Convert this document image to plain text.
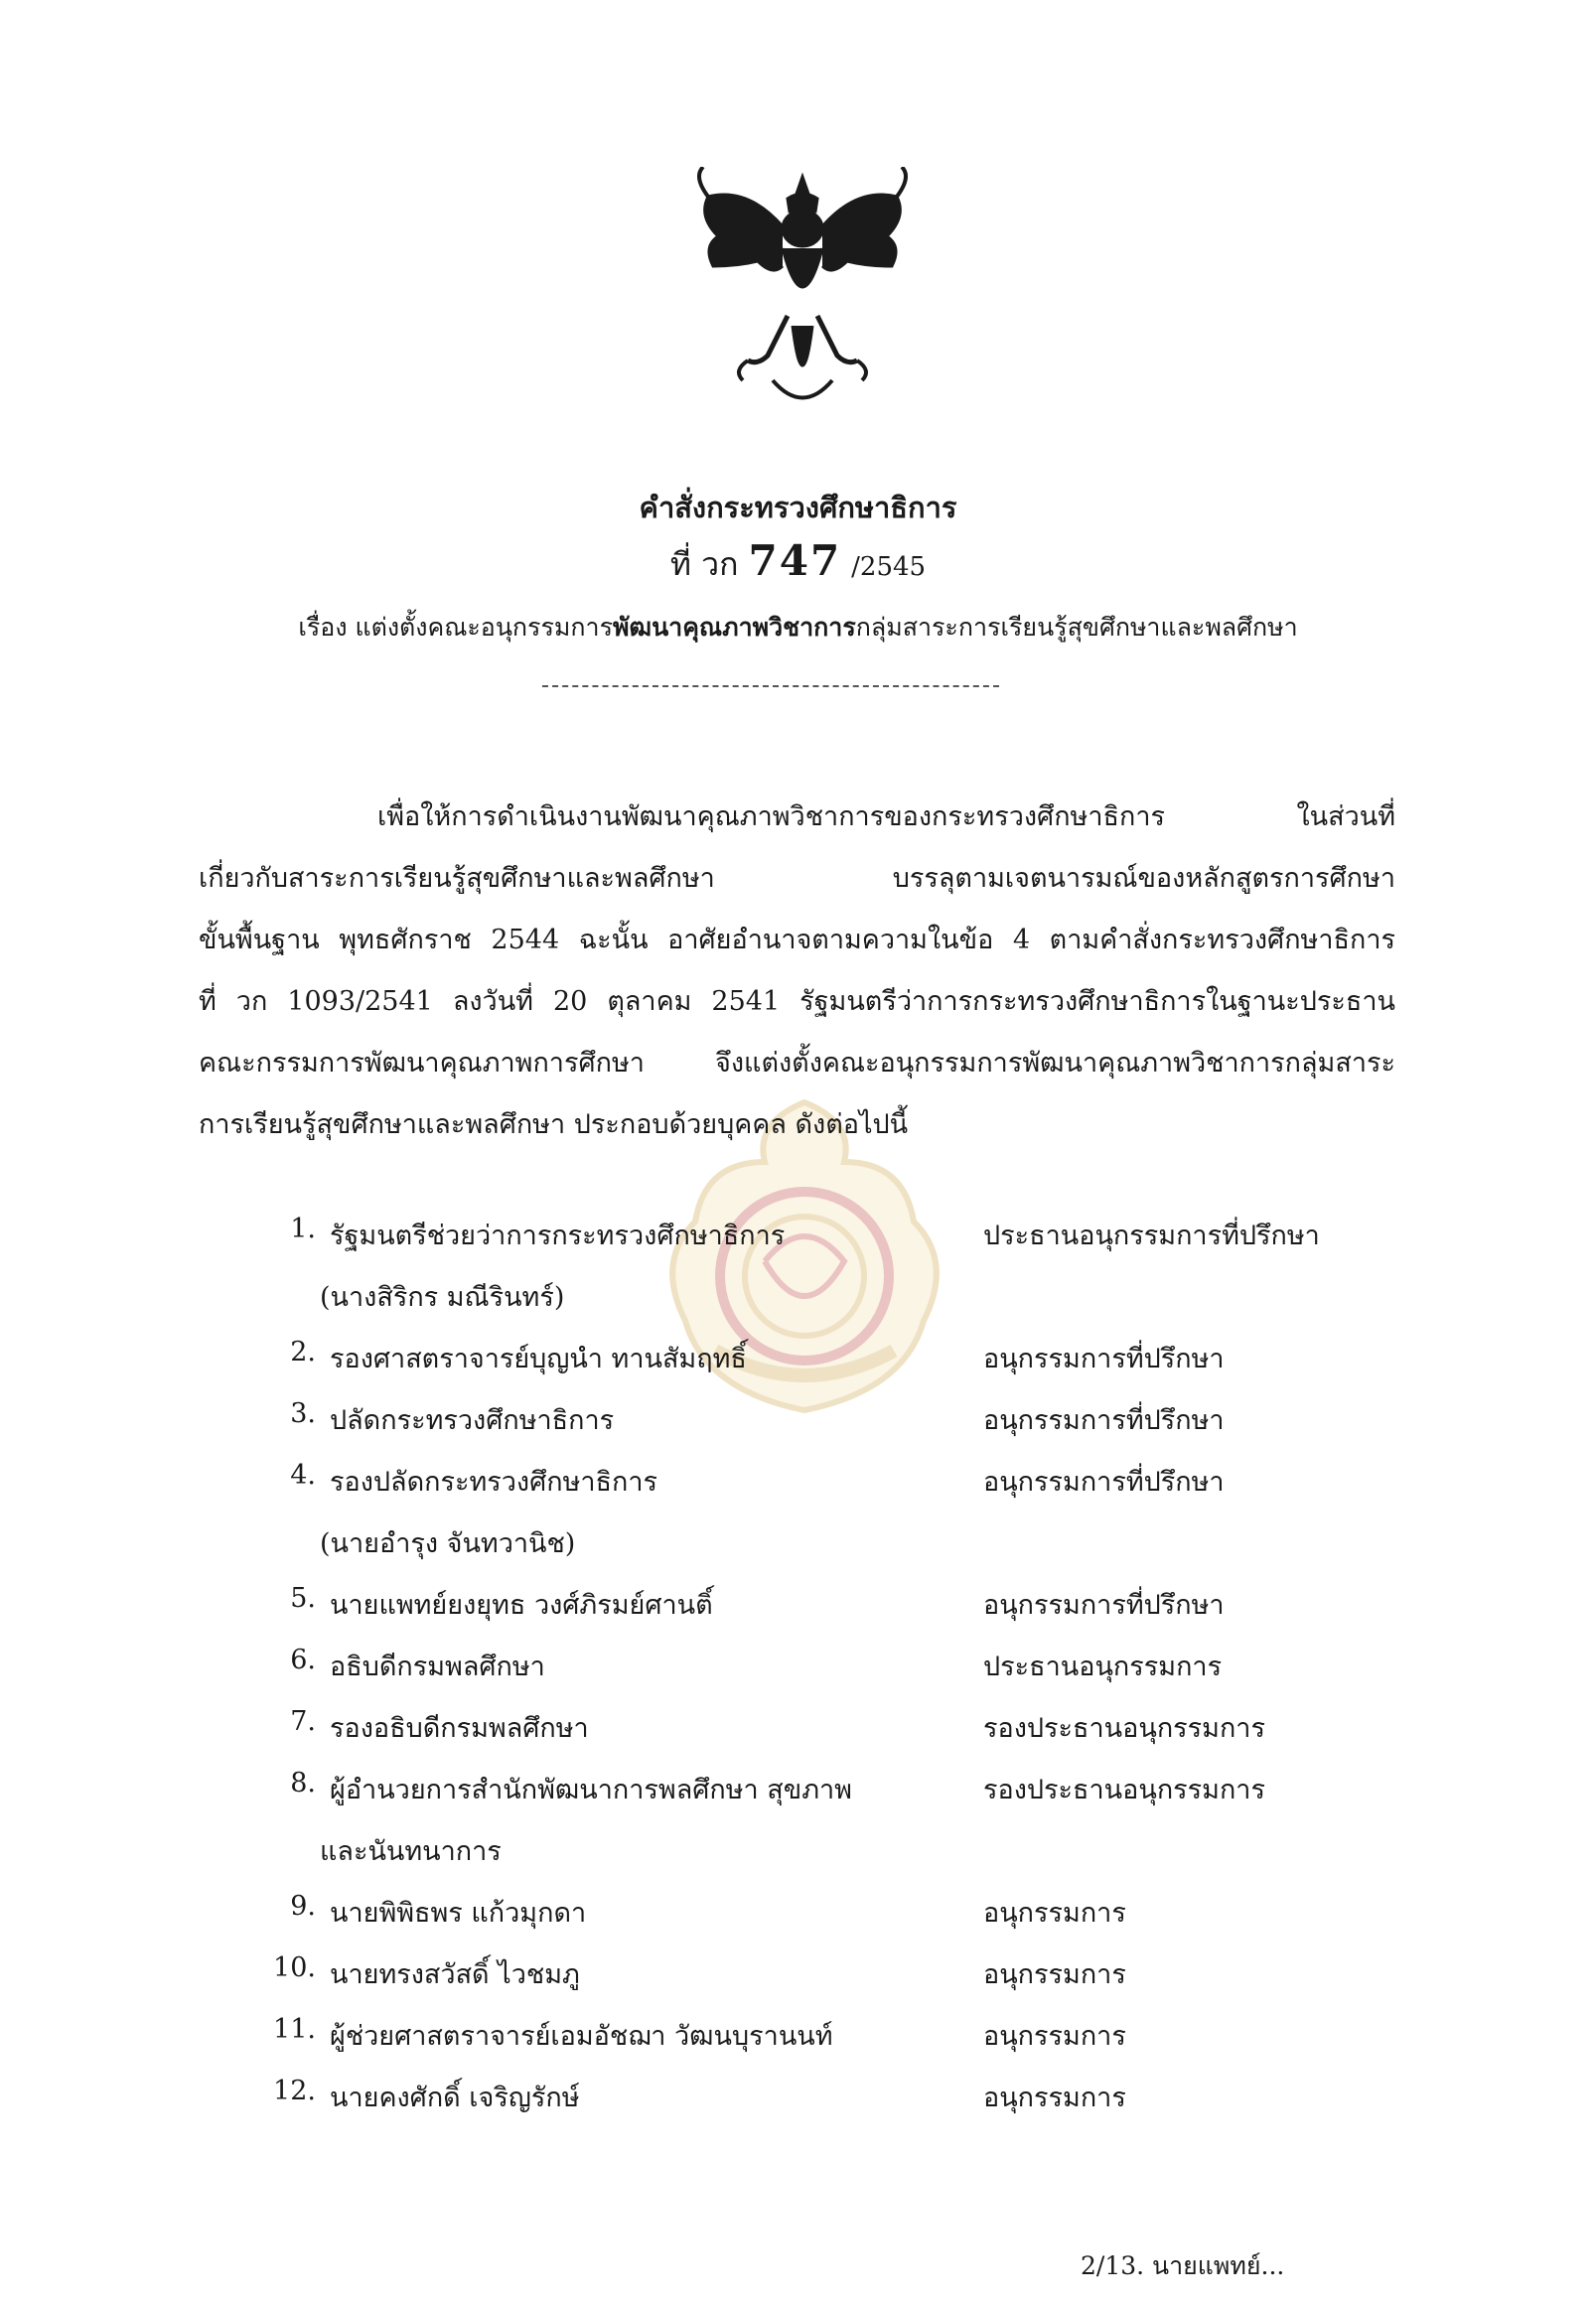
คำสั่งกระทรวงศึกษาธิการ
ที่ วก 747 /2545
เรื่อง แต่งตั้งคณะอนุกรรมการพัฒนาคุณภาพวิชาการกลุ่มสาระการเรียนรู้สุขศึกษาและพลศึกษา
เพื่อให้การดำเนินงานพัฒนาคุณภาพวิชาการของกระทรวงศึกษาธิการ ในส่วนที่
เกี่ยวกับสาระการเรียนรู้สุขศึกษาและพลศึกษา บรรลุตามเจตนารมณ์ของหลักสูตรการศึกษา
ขั้นพื้นฐาน พุทธศักราช 2544 ฉะนั้น อาศัยอำนาจตามความในข้อ 4 ตามคำสั่งกระทรวงศึกษาธิการ
ที่ วก 1093/2541 ลงวันที่ 20 ตุลาคม 2541 รัฐมนตรีว่าการกระทรวงศึกษาธิการในฐานะประธาน
คณะกรรมการพัฒนาคุณภาพการศึกษา จึงแต่งตั้งคณะอนุกรรมการพัฒนาคุณภาพวิชาการกลุ่มสาระ
การเรียนรู้สุขศึกษาและพลศึกษา ประกอบด้วยบุคคล ดังต่อไปนี้
1. รัฐมนตรีช่วยว่าการกระทรวงศึกษาธิการ	ประธานอนุกรรมการที่ปรึกษา
(นางสิริกร มณีรินทร์)
2. รองศาสตราจารย์บุญนำ ทานสัมฤทธิ์	อนุกรรมการที่ปรึกษา
3. ปลัดกระทรวงศึกษาธิการ	อนุกรรมการที่ปรึกษา
4. รองปลัดกระทรวงศึกษาธิการ	อนุกรรมการที่ปรึกษา
(นายอำรุง จันทวานิช)
5. นายแพทย์ยงยุทธ วงศ์ภิรมย์ศานติ์	อนุกรรมการที่ปรึกษา
6. อธิบดีกรมพลศึกษา	ประธานอนุกรรมการ
7. รองอธิบดีกรมพลศึกษา	รองประธานอนุกรรมการ
8. ผู้อำนวยการสำนักพัฒนาการพลศึกษา สุขภาพ	รองประธานอนุกรรมการ
และนันทนาการ
9. นายพิพิธพร แก้วมุกดา	อนุกรรมการ
10. นายทรงสวัสดิ์ ไวชมภู	อนุกรรมการ
11. ผู้ช่วยศาสตราจารย์เอมอัชฌา วัฒนบุรานนท์	อนุกรรมการ
12. นายคงศักดิ์ เจริญรักษ์	อนุกรรมการ
2/13. นายแพทย์...
